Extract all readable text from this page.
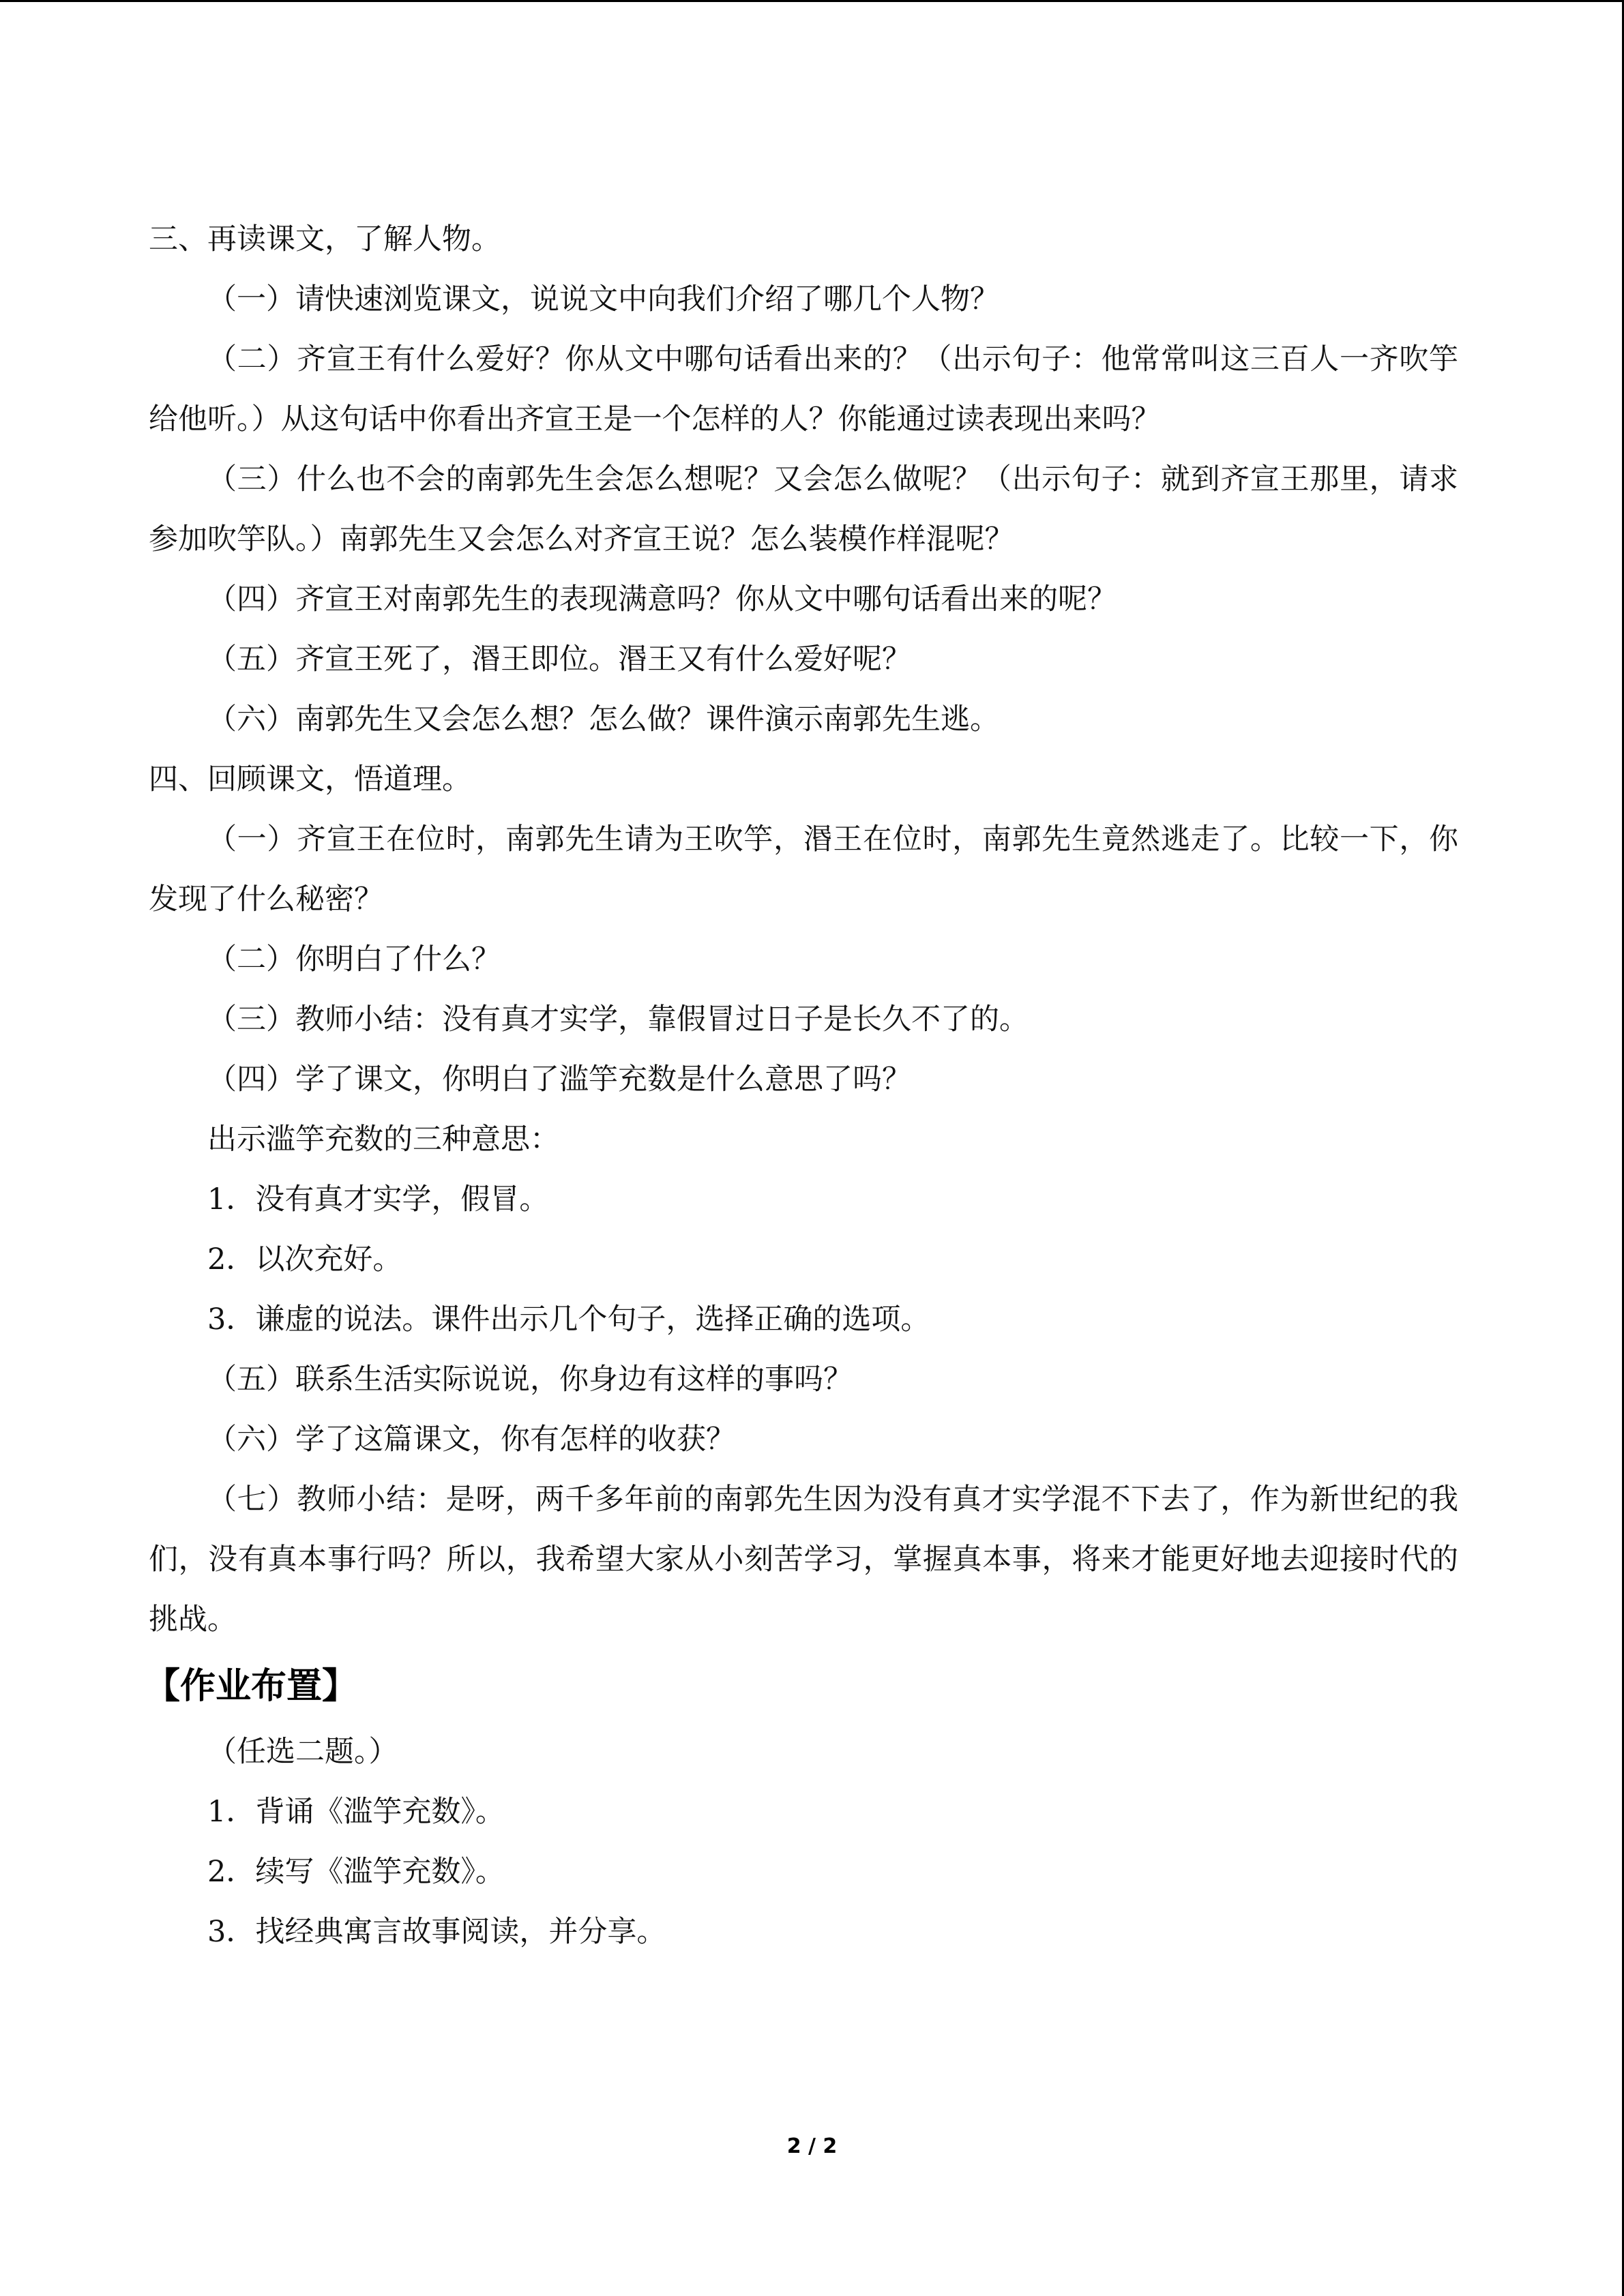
三、再读课文，了解人物。

（一）请快速浏览课文，说说文中向我们介绍了哪几个人物？

（二）齐宣王有什么爱好？你从文中哪句话看出来的？（出示句子：他常常叫这三百人一齐吹竽给他听。）从这句话中你看出齐宣王是一个怎样的人？你能通过读表现出来吗？

（三）什么也不会的南郭先生会怎么想呢？又会怎么做呢？（出示句子：就到齐宣王那里，请求参加吹竽队。）南郭先生又会怎么对齐宣王说？怎么装模作样混呢？

（四）齐宣王对南郭先生的表现满意吗？你从文中哪句话看出来的呢？

（五）齐宣王死了，湣王即位。湣王又有什么爱好呢？

（六）南郭先生又会怎么想？怎么做？课件演示南郭先生逃。

四、回顾课文，悟道理。

（一）齐宣王在位时，南郭先生请为王吹竽，湣王在位时，南郭先生竟然逃走了。比较一下，你发现了什么秘密？

（二）你明白了什么？

（三）教师小结：没有真才实学，靠假冒过日子是长久不了的。

（四）学了课文，你明白了滥竽充数是什么意思了吗？

出示滥竽充数的三种意思：

1．没有真才实学，假冒。

2．以次充好。

3．谦虚的说法。课件出示几个句子，选择正确的选项。

（五）联系生活实际说说，你身边有这样的事吗？

（六）学了这篇课文，你有怎样的收获？

（七）教师小结：是呀，两千多年前的南郭先生因为没有真才实学混不下去了，作为新世纪的我们，没有真本事行吗？所以，我希望大家从小刻苦学习，掌握真本事，将来才能更好地去迎接时代的挑战。

【作业布置】

（任选二题。）

1．背诵《滥竽充数》。

2．续写《滥竽充数》。

3．找经典寓言故事阅读，并分享。

2 / 2
